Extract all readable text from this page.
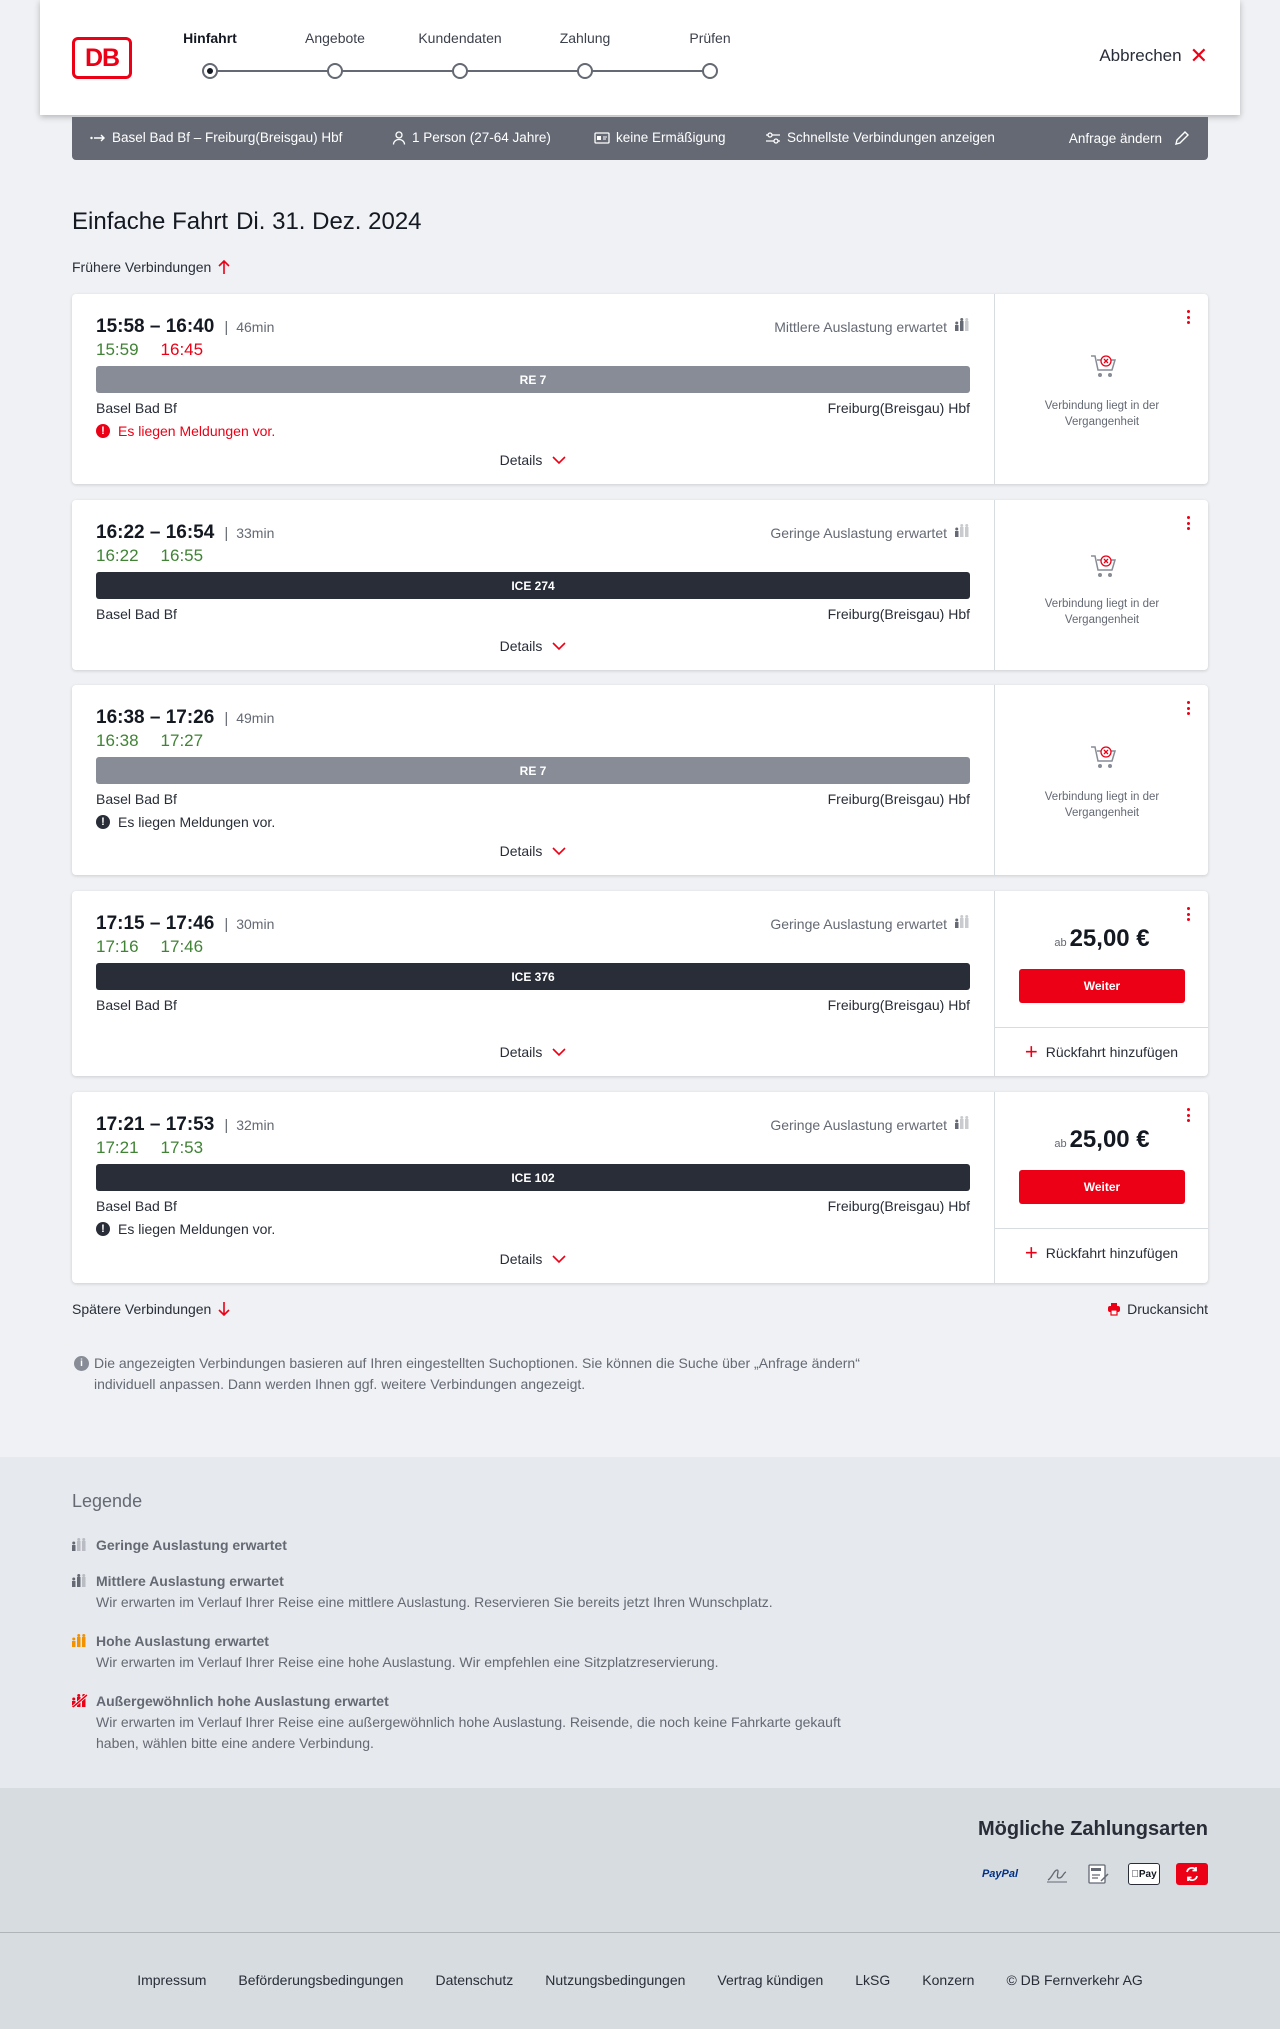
DB
Hinfahrt	Angebote	Kundendaten	Zahlung	Prüfen
Abbrechen ✕
Basel Bad Bf – Freiburg(Breisgau) Hbf	1 Person (27-64 Jahre)	keine Ermäßigung	Schnellste Verbindungen anzeigen	Anfrage ändern
Einfache Fahrt Di. 31. Dez. 2024
Frühere Verbindungen
15:58 – 16:40 | 46min
15:59 16:45
Mittlere Auslastung erwartet
RE 7
Basel Bad Bf	Freiburg(Breisgau) Hbf
! Es liegen Meldungen vor.
Details
Verbindung liegt in der Vergangenheit
16:22 – 16:54 | 33min
16:22 16:55
Geringe Auslastung erwartet
ICE 274
Basel Bad Bf	Freiburg(Breisgau) Hbf
Details
Verbindung liegt in der Vergangenheit
16:38 – 17:26 | 49min
16:38 17:27
RE 7
Basel Bad Bf	Freiburg(Breisgau) Hbf
! Es liegen Meldungen vor.
Details
Verbindung liegt in der Vergangenheit
17:15 – 17:46 | 30min
17:16 17:46
Geringe Auslastung erwartet
ICE 376
Basel Bad Bf	Freiburg(Breisgau) Hbf
Details
ab 25,00 €
Weiter
+ Rückfahrt hinzufügen
17:21 – 17:53 | 32min
17:21 17:53
Geringe Auslastung erwartet
ICE 102
Basel Bad Bf	Freiburg(Breisgau) Hbf
! Es liegen Meldungen vor.
Details
ab 25,00 €
Weiter
+ Rückfahrt hinzufügen
Spätere Verbindungen	Druckansicht
i Die angezeigten Verbindungen basieren auf Ihren eingestellten Suchoptionen. Sie können die Suche über „Anfrage ändern“ individuell anpassen. Dann werden Ihnen ggf. weitere Verbindungen angezeigt.
Legende
Geringe Auslastung erwartet
Mittlere Auslastung erwartet
Wir erwarten im Verlauf Ihrer Reise eine mittlere Auslastung. Reservieren Sie bereits jetzt Ihren Wunschplatz.
Hohe Auslastung erwartet
Wir erwarten im Verlauf Ihrer Reise eine hohe Auslastung. Wir empfehlen eine Sitzplatzreservierung.
Außergewöhnlich hohe Auslastung erwartet
Wir erwarten im Verlauf Ihrer Reise eine außergewöhnlich hohe Auslastung. Reisende, die noch keine Fahrkarte gekauft haben, wählen bitte eine andere Verbindung.
Mögliche Zahlungsarten
PayPal	Pay
Impressum Beförderungsbedingungen Datenschutz Nutzungsbedingungen Vertrag kündigen LkSG Konzern © DB Fernverkehr AG
